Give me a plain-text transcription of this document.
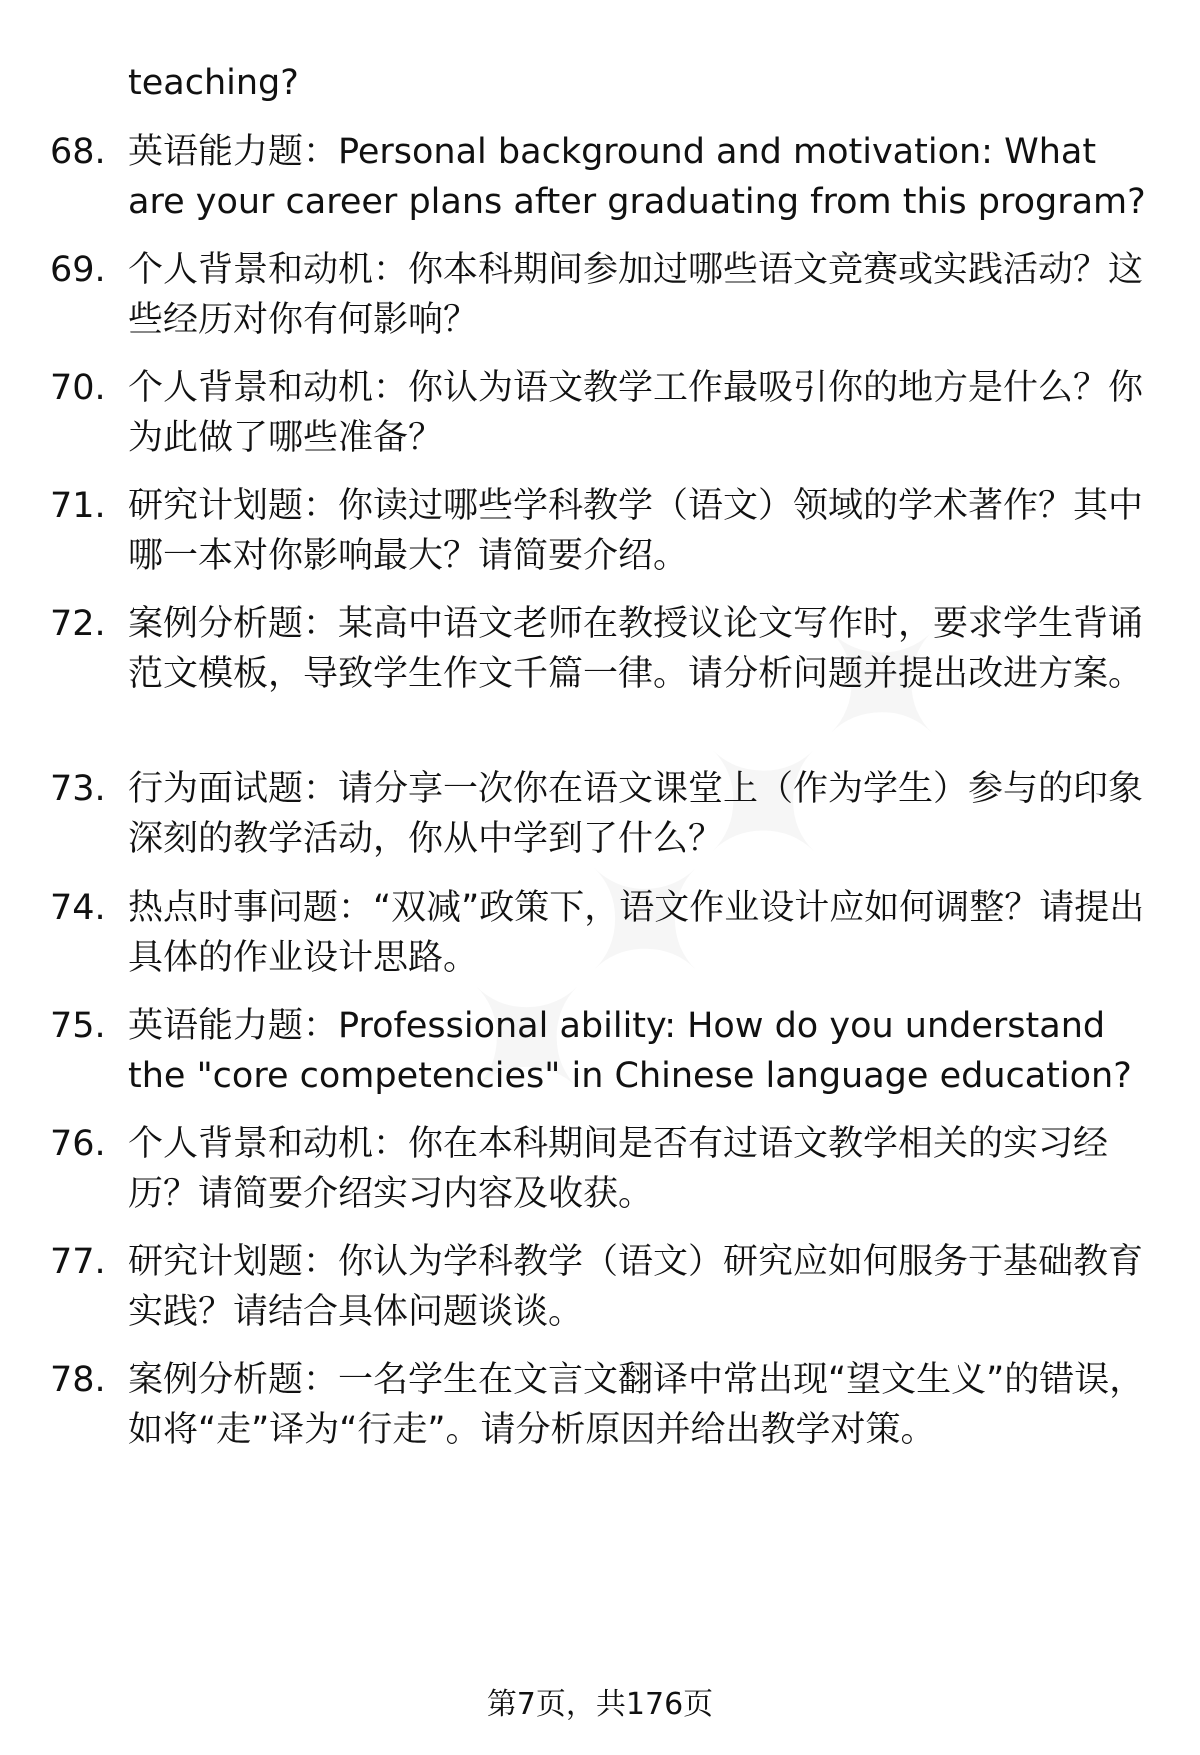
teaching?
68. 英语能力题：Personal background and motivation: What are your career plans after graduating from this program?
69. 个人背景和动机：你本科期间参加过哪些语文竞赛或实践活动？这些经历对你有何影响？
70. 个人背景和动机：你认为语文教学工作最吸引你的地方是什么？你为此做了哪些准备？
71. 研究计划题：你读过哪些学科教学（语文）领域的学术著作？其中哪一本对你影响最大？请简要介绍。
72. 案例分析题：某高中语文老师在教授议论文写作时，要求学生背诵范文模板，导致学生作文千篇一律。请分析问题并提出改进方案。
73. 行为面试题：请分享一次你在语文课堂上（作为学生）参与的印象深刻的教学活动，你从中学到了什么？
74. 热点时事问题：“双减”政策下，语文作业设计应如何调整？请提出具体的作业设计思路。
75. 英语能力题：Professional ability: How do you understand the "core competencies" in Chinese language education?
76. 个人背景和动机：你在本科期间是否有过语文教学相关的实习经历？请简要介绍实习内容及收获。
77. 研究计划题：你认为学科教学（语文）研究应如何服务于基础教育实践？请结合具体问题谈谈。
78. 案例分析题：一名学生在文言文翻译中常出现“望文生义”的错误，如将“走”译为“行走”。请分析原因并给出教学对策。
第7页，共176页
